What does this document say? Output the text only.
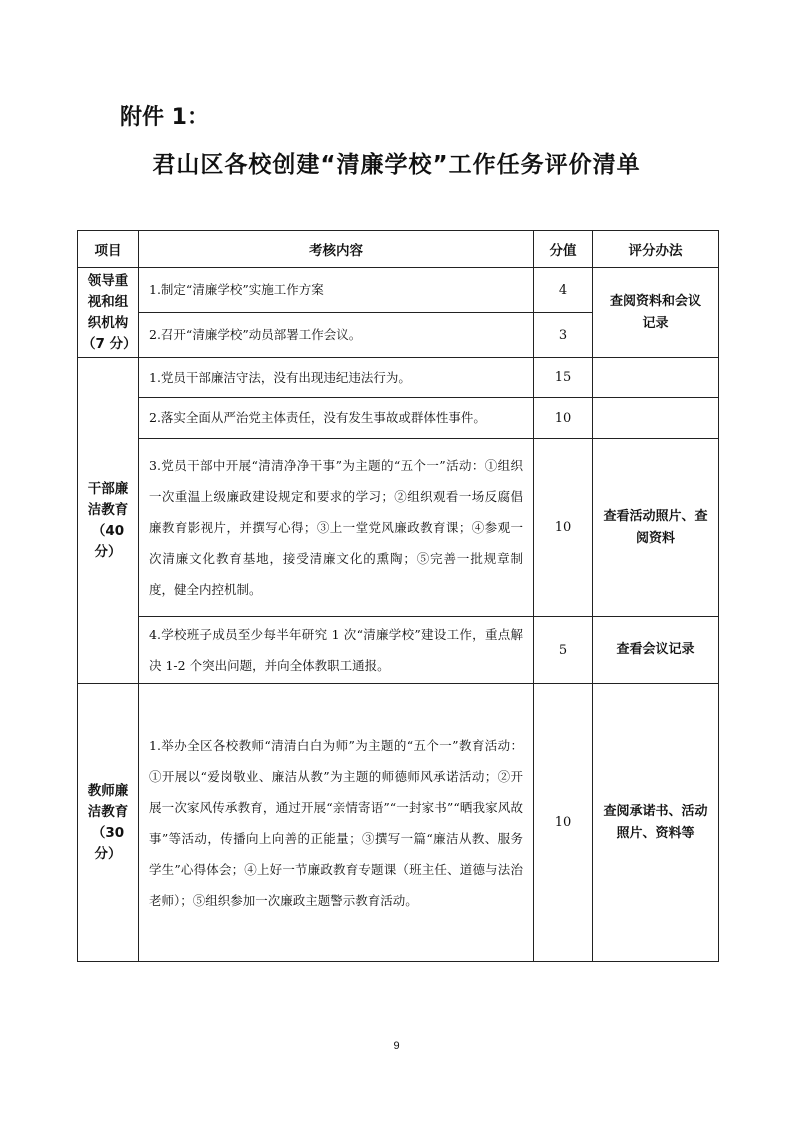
附件 1：
君山区各校创建“清廉学校”工作任务评价清单
项目	考核内容	分值	评分办法
领导重
视和组
织机构
（7 分）	1.制定“清廉学校”实施工作方案	4	查阅资料和会议
记录
	2.召开“清廉学校”动员部署工作会议。	3	
干部廉
洁教育
（40
分）	1.党员干部廉洁守法，没有出现违纪违法行为。	15	
	2.落实全面从严治党主体责任，没有发生事故或群体性事件。	10	
	3.党员干部中开展“清清净净干事”为主题的“五个一”活动：①组织一次重温上级廉政建设规定和要求的学习；②组织观看一场反腐倡廉教育影视片，并撰写心得；③上一堂党风廉政教育课；④参观一次清廉文化教育基地，接受清廉文化的熏陶；⑤完善一批规章制度，健全内控机制。	10	查看活动照片、查
阅资料
	4.学校班子成员至少每半年研究 1 次“清廉学校”建设工作，重点解决 1-2 个突出问题，并向全体教职工通报。	5	查看会议记录
教师廉
洁教育
（30
分）	1.举办全区各校教师“清清白白为师”为主题的“五个一”教育活动：①开展以“爱岗敬业、廉洁从教”为主题的师德师风承诺活动；②开展一次家风传承教育，通过开展“亲情寄语”“一封家书”“晒我家风故事”等活动，传播向上向善的正能量；③撰写一篇“廉洁从教、服务学生”心得体会；④上好一节廉政教育专题课（班主任、道德与法治老师）；⑤组织参加一次廉政主题警示教育活动。	10	查阅承诺书、活动
照片、资料等
9
